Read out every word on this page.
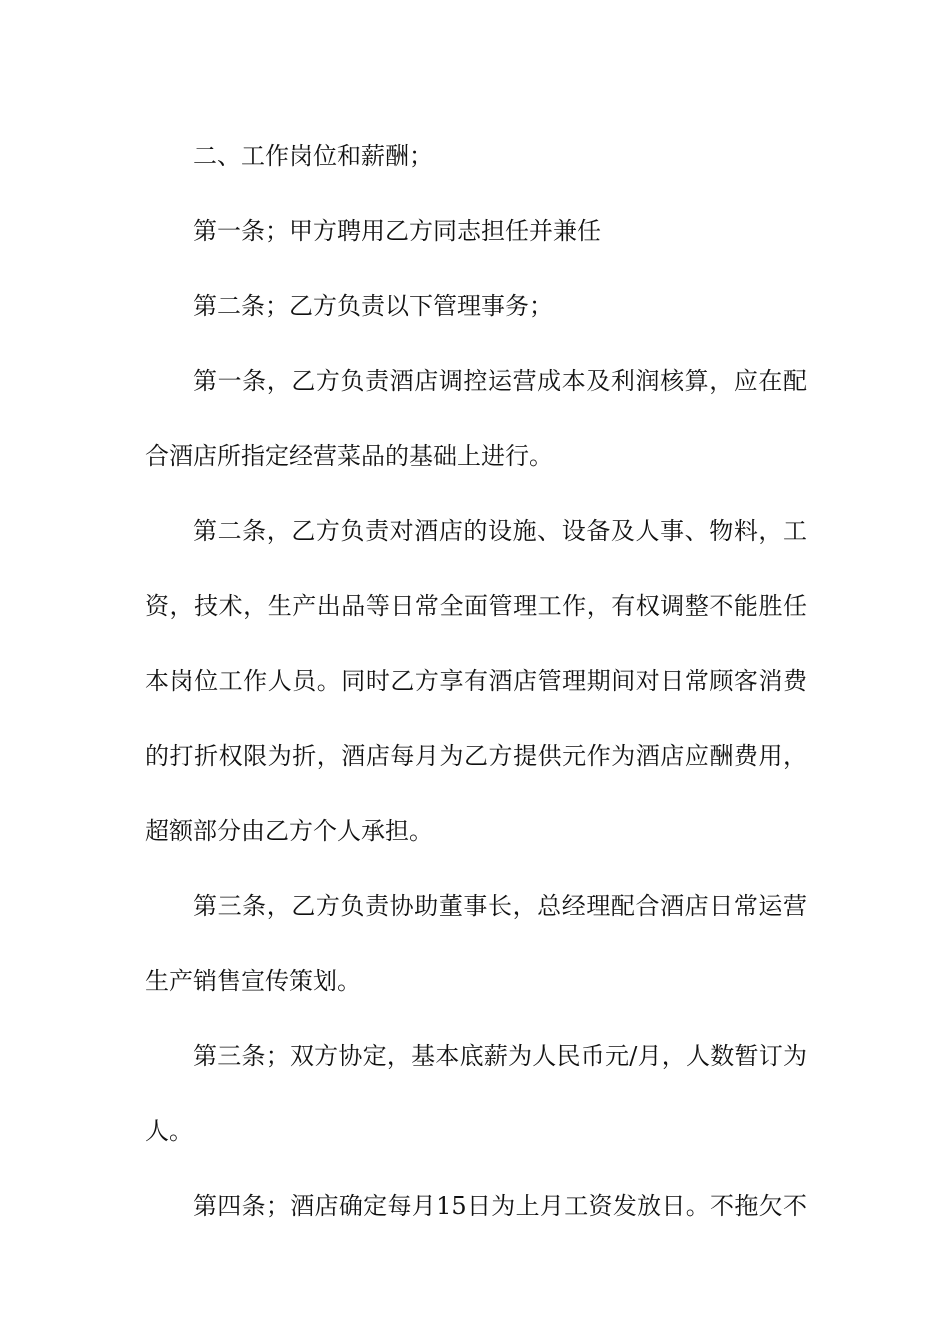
二、工作岗位和薪酬；
第一条；甲方聘用乙方同志担任并兼任
第二条；乙方负责以下管理事务；
第一条，乙方负责酒店调控运营成本及利润核算，应在配
合酒店所指定经营菜品的基础上进行。
第二条，乙方负责对酒店的设施、设备及人事、物料，工
资，技术，生产出品等日常全面管理工作，有权调整不能胜任
本岗位工作人员。同时乙方享有酒店管理期间对日常顾客消费
的打折权限为折，酒店每月为乙方提供元作为酒店应酬费用，
超额部分由乙方个人承担。
第三条，乙方负责协助董事长，总经理配合酒店日常运营
生产销售宣传策划。
第三条；双方协定，基本底薪为人民币元/月，人数暂订为
人。
第四条；酒店确定每月15日为上月工资发放日。不拖欠不
